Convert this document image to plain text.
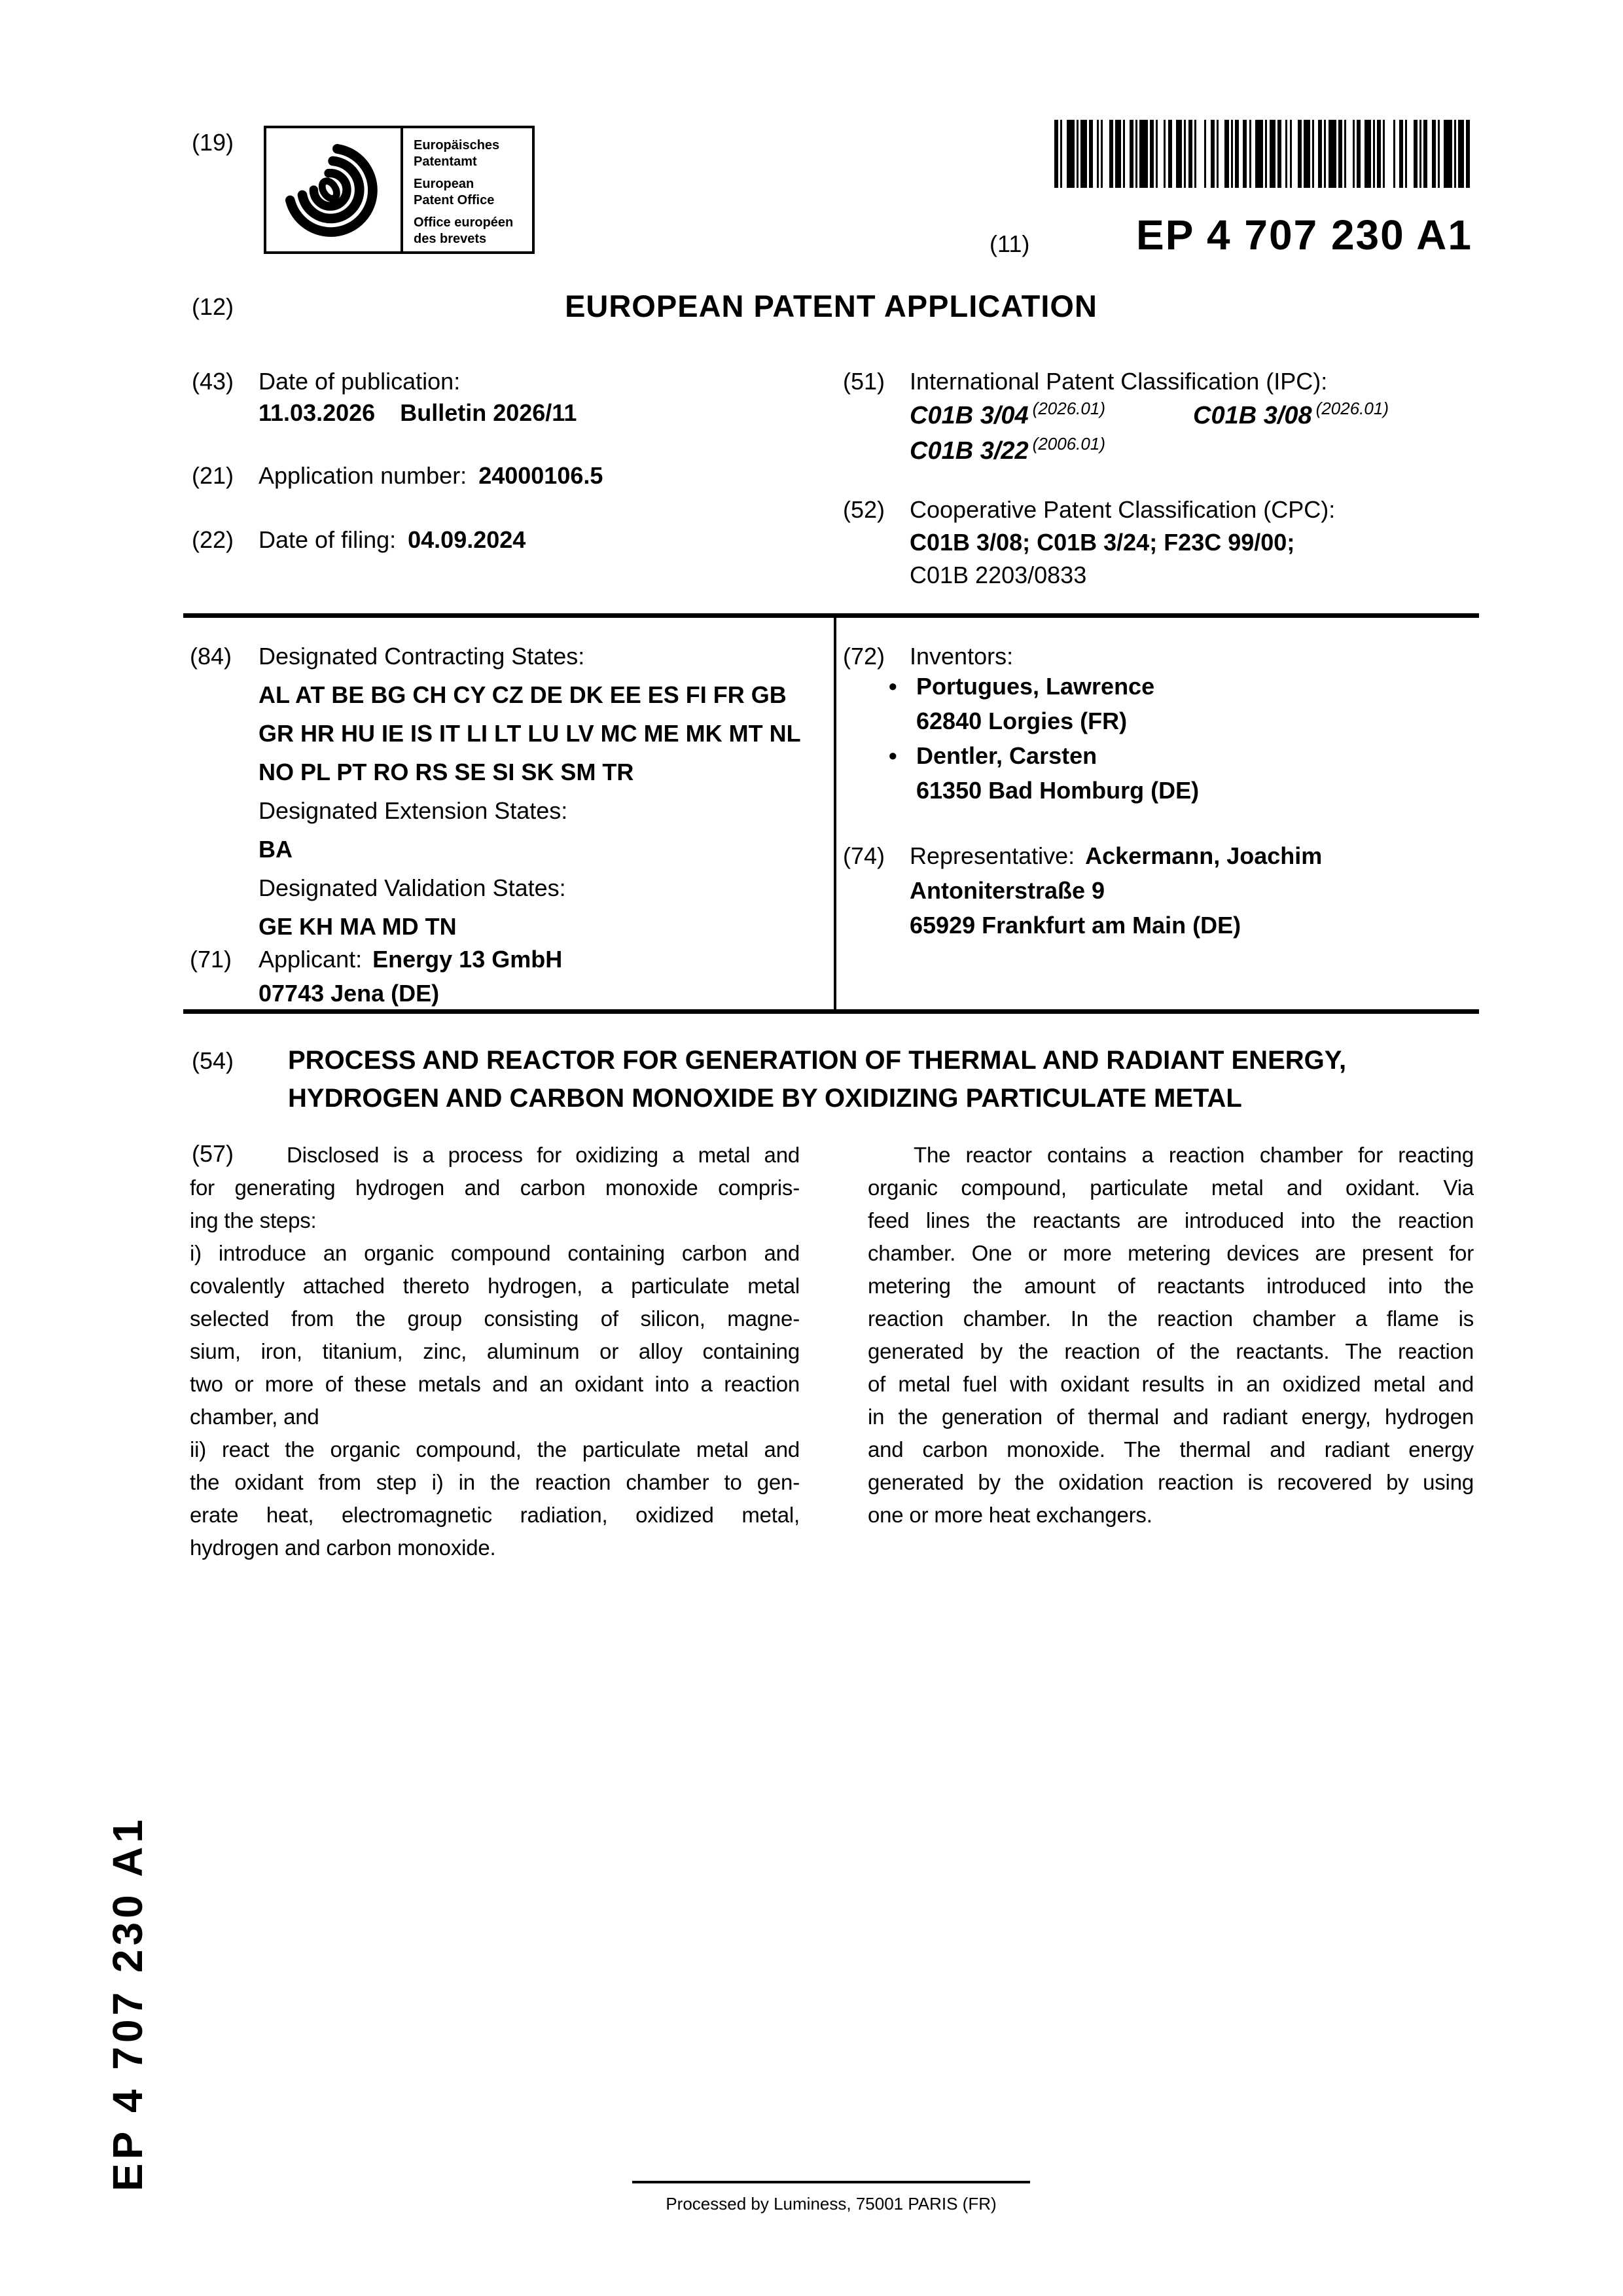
(19)	Europäisches
Patentamt
European
Patent Office
Office européen
des brevets	(11)	EP 4 707 230 A1
(12)	EUROPEAN PATENT APPLICATION
(43) Date of publication:
11.03.2026 Bulletin 2026/11
(21) Application number: 24000106.5
(22) Date of filing: 04.09.2024
(51) International Patent Classification (IPC):
C01B 3/04 (2026.01)	C01B 3/08 (2026.01)
C01B 3/22 (2006.01)
(52) Cooperative Patent Classification (CPC):
C01B 3/08; C01B 3/24; F23C 99/00;
C01B 2203/0833
(84) Designated Contracting States:
AL AT BE BG CH CY CZ DE DK EE ES FI FR GB
GR HR HU IE IS IT LI LT LU LV MC ME MK MT NL
NO PL PT RO RS SE SI SK SM TR
Designated Extension States:
BA
Designated Validation States:
GE KH MA MD TN
(71) Applicant: Energy 13 GmbH
07743 Jena (DE)
(72) Inventors:
• Portugues, Lawrence
62840 Lorgies (FR)
• Dentler, Carsten
61350 Bad Homburg (DE)
(74) Representative: Ackermann, Joachim
Antoniterstraße 9
65929 Frankfurt am Main (DE)
(54) PROCESS AND REACTOR FOR GENERATION OF THERMAL AND RADIANT ENERGY,
HYDROGEN AND CARBON MONOXIDE BY OXIDIZING PARTICULATE METAL
(57)	Disclosed is a process for oxidizing a metal and
for generating hydrogen and carbon monoxide compris-
ing the steps:
i) introduce an organic compound containing carbon and
covalently attached thereto hydrogen, a particulate metal
selected from the group consisting of silicon, magne-
sium, iron, titanium, zinc, aluminum or alloy containing
two or more of these metals and an oxidant into a reaction
chamber, and
ii) react the organic compound, the particulate metal and
the oxidant from step i) in the reaction chamber to gen-
erate heat, electromagnetic radiation, oxidized metal,
hydrogen and carbon monoxide.
The reactor contains a reaction chamber for reacting
organic compound, particulate metal and oxidant. Via
feed lines the reactants are introduced into the reaction
chamber. One or more metering devices are present for
metering the amount of reactants introduced into the
reaction chamber. In the reaction chamber a flame is
generated by the reaction of the reactants. The reaction
of metal fuel with oxidant results in an oxidized metal and
in the generation of thermal and radiant energy, hydrogen
and carbon monoxide. The thermal and radiant energy
generated by the oxidation reaction is recovered by using
one or more heat exchangers.
EP 4 707 230 A1
Processed by Luminess, 75001 PARIS (FR)
